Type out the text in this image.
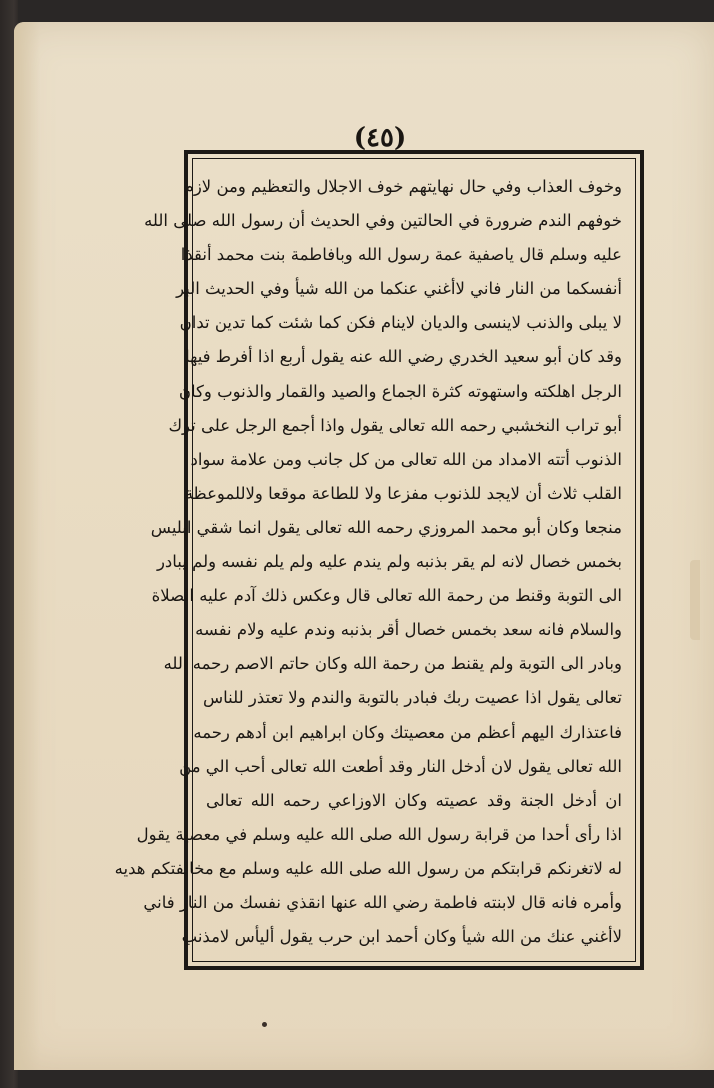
(٤٥)
وخوف العذاب وفي حال نهايتهم خوف الاجلال والتعظيم ومن لازم
خوفهم الندم ضرورة في الحالتين وفي الحديث أن رسول الله صلى الله
عليه وسلم قال ياصفية عمة رسول الله وبافاطمة بنت محمد أنقذا
أنفسكما من النار فاني لاأغني عنكما من الله شيأ وفي الحديث البر
لا يبلى والذنب لاينسى والديان لاينام فكن كما شئت كما تدين تدان
وقد كان أبو سعيد الخدري رضي الله عنه يقول أربع اذا أفرط فيها
الرجل اهلكته واستهوته كثرة الجماع والصيد والقمار والذنوب وكان
أبو تراب النخشبي رحمه الله تعالى يقول واذا أجمع الرجل على ترك
الذنوب أتته الامداد من الله تعالى من كل جانب ومن علامة سواد
القلب ثلاث أن لايجد للذنوب مفزعا ولا للطاعة موقعا ولاللموعظة
منجعا وكان أبو محمد المروزي رحمه الله تعالى يقول انما شقي ابليس
بخمس خصال لانه لم يقر بذنبه ولم يندم عليه ولم يلم نفسه ولم يبادر
الى التوبة وقنط من رحمة الله تعالى قال وعكس ذلك آدم عليه الصلاة
والسلام فانه سعد بخمس خصال أقر بذنبه وندم عليه ولام نفسه
وبادر الى التوبة ولم يقنط من رحمة الله وكان حاتم الاصم رحمه الله
تعالى يقول اذا عصيت ربك فبادر بالتوبة والندم ولا تعتذر للناس
فاعتذارك اليهم أعظم من معصيتك وكان ابراهيم ابن أدهم رحمه
الله تعالى يقول لان أدخل النار وقد أطعت الله تعالى أحب الي من
ان أدخل الجنة وقد عصيته وكان الاوزاعي رحمه الله تعالى
اذا رأى أحدا من قرابة رسول الله صلى الله عليه وسلم في معصية يقول
له لاتغرنكم قرابتكم من رسول الله صلى الله عليه وسلم مع مخالفتكم هديه
وأمره فانه قال لابنته فاطمة رضي الله عنها انقذي نفسك من النار فاني
لاأغني عنك من الله شيأ وكان أحمد ابن حرب يقول أليأس لامذنب
